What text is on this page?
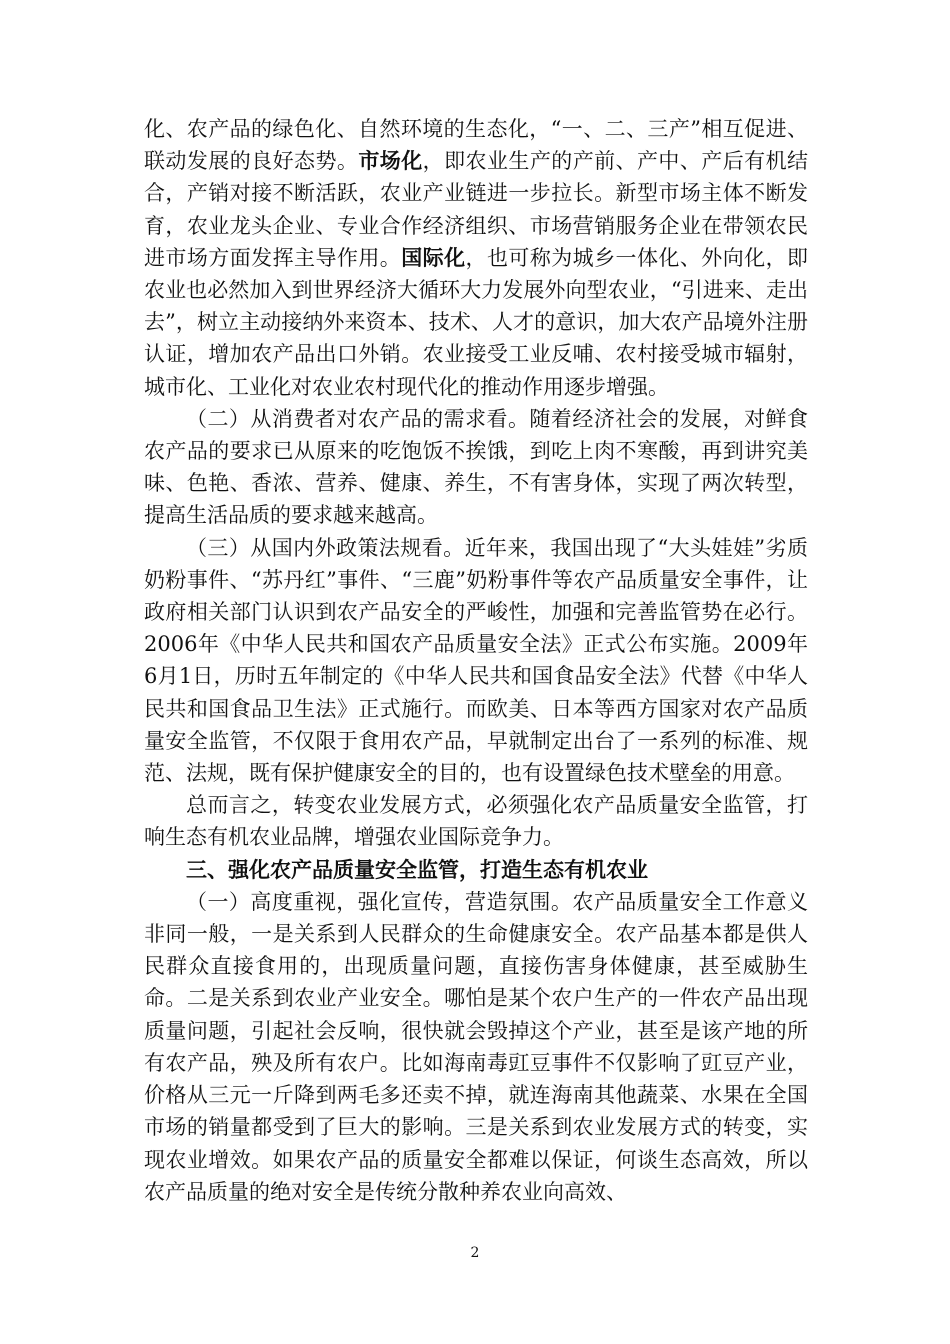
化、农产品的绿色化、自然环境的生态化，“一、二、三产”相互促进、联动发展的良好态势。市场化，即农业生产的产前、产中、产后有机结合，产销对接不断活跃，农业产业链进一步拉长。新型市场主体不断发育，农业龙头企业、专业合作经济组织、市场营销服务企业在带领农民进市场方面发挥主导作用。国际化，也可称为城乡一体化、外向化，即农业也必然加入到世界经济大循环大力发展外向型农业，“引进来、走出去”，树立主动接纳外来资本、技术、人才的意识，加大农产品境外注册认证，增加农产品出口外销。农业接受工业反哺、农村接受城市辐射，城市化、工业化对农业农村现代化的推动作用逐步增强。

（二）从消费者对农产品的需求看。随着经济社会的发展，对鲜食农产品的要求已从原来的吃饱饭不挨饿，到吃上肉不寒酸，再到讲究美味、色艳、香浓、营养、健康、养生，不有害身体，实现了两次转型，提高生活品质的要求越来越高。

（三）从国内外政策法规看。近年来，我国出现了“大头娃娃”劣质奶粉事件、“苏丹红”事件、“三鹿”奶粉事件等农产品质量安全事件，让政府相关部门认识到农产品安全的严峻性，加强和完善监管势在必行。2006年《中华人民共和国农产品质量安全法》正式公布实施。2009年6月1日，历时五年制定的《中华人民共和国食品安全法》代替《中华人民共和国食品卫生法》正式施行。而欧美、日本等西方国家对农产品质量安全监管，不仅限于食用农产品，早就制定出台了一系列的标准、规范、法规，既有保护健康安全的目的，也有设置绿色技术壁垒的用意。

总而言之，转变农业发展方式，必须强化农产品质量安全监管，打响生态有机农业品牌，增强农业国际竞争力。

三、强化农产品质量安全监管，打造生态有机农业

（一）高度重视，强化宣传，营造氛围。农产品质量安全工作意义非同一般，一是关系到人民群众的生命健康安全。农产品基本都是供人民群众直接食用的，出现质量问题，直接伤害身体健康，甚至威胁生命。二是关系到农业产业安全。哪怕是某个农户生产的一件农产品出现质量问题，引起社会反响，很快就会毁掉这个产业，甚至是该产地的所有农产品，殃及所有农户。比如海南毒豇豆事件不仅影响了豇豆产业，价格从三元一斤降到两毛多还卖不掉，就连海南其他蔬菜、水果在全国市场的销量都受到了巨大的影响。三是关系到农业发展方式的转变，实现农业增效。如果农产品的质量安全都难以保证，何谈生态高效，所以农产品质量的绝对安全是传统分散种养农业向高效、

2
